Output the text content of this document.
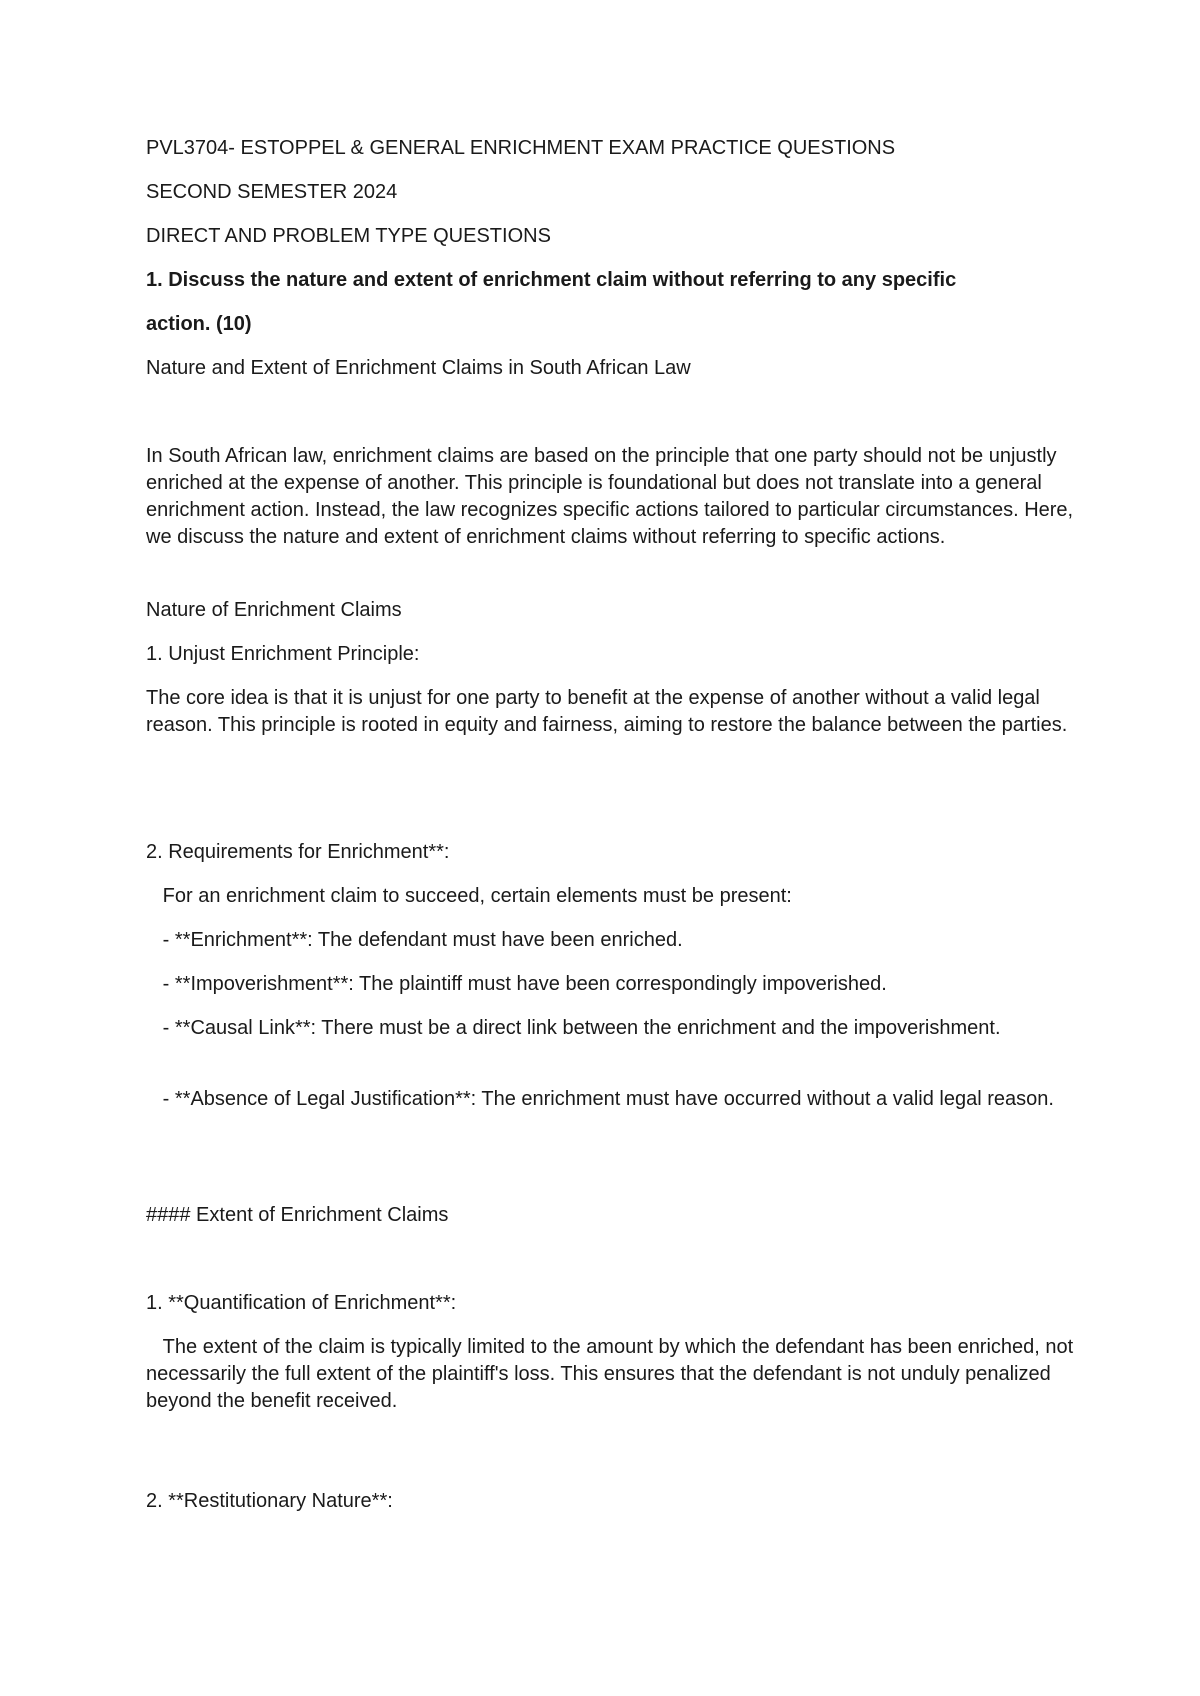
PVL3704- ESTOPPEL & GENERAL ENRICHMENT EXAM PRACTICE QUESTIONS

SECOND SEMESTER 2024

DIRECT AND PROBLEM TYPE QUESTIONS

1. Discuss the nature and extent of enrichment claim without referring to any specific

action. (10)

Nature and Extent of Enrichment Claims in South African Law

In South African law, enrichment claims are based on the principle that one party should not be unjustly enriched at the expense of another. This principle is foundational but does not translate into a general enrichment action. Instead, the law recognizes specific actions tailored to particular circumstances. Here, we discuss the nature and extent of enrichment claims without referring to specific actions.

Nature of Enrichment Claims

1. Unjust Enrichment Principle:

The core idea is that it is unjust for one party to benefit at the expense of another without a valid legal reason. This principle is rooted in equity and fairness, aiming to restore the balance between the parties.

2. Requirements for Enrichment**:

For an enrichment claim to succeed, certain elements must be present:

- **Enrichment**: The defendant must have been enriched.

- **Impoverishment**: The plaintiff must have been correspondingly impoverished.

- **Causal Link**: There must be a direct link between the enrichment and the impoverishment.

- **Absence of Legal Justification**: The enrichment must have occurred without a valid legal reason.

#### Extent of Enrichment Claims

1. **Quantification of Enrichment**:

The extent of the claim is typically limited to the amount by which the defendant has been enriched, not necessarily the full extent of the plaintiff's loss. This ensures that the defendant is not unduly penalized beyond the benefit received.

2. **Restitutionary Nature**:
